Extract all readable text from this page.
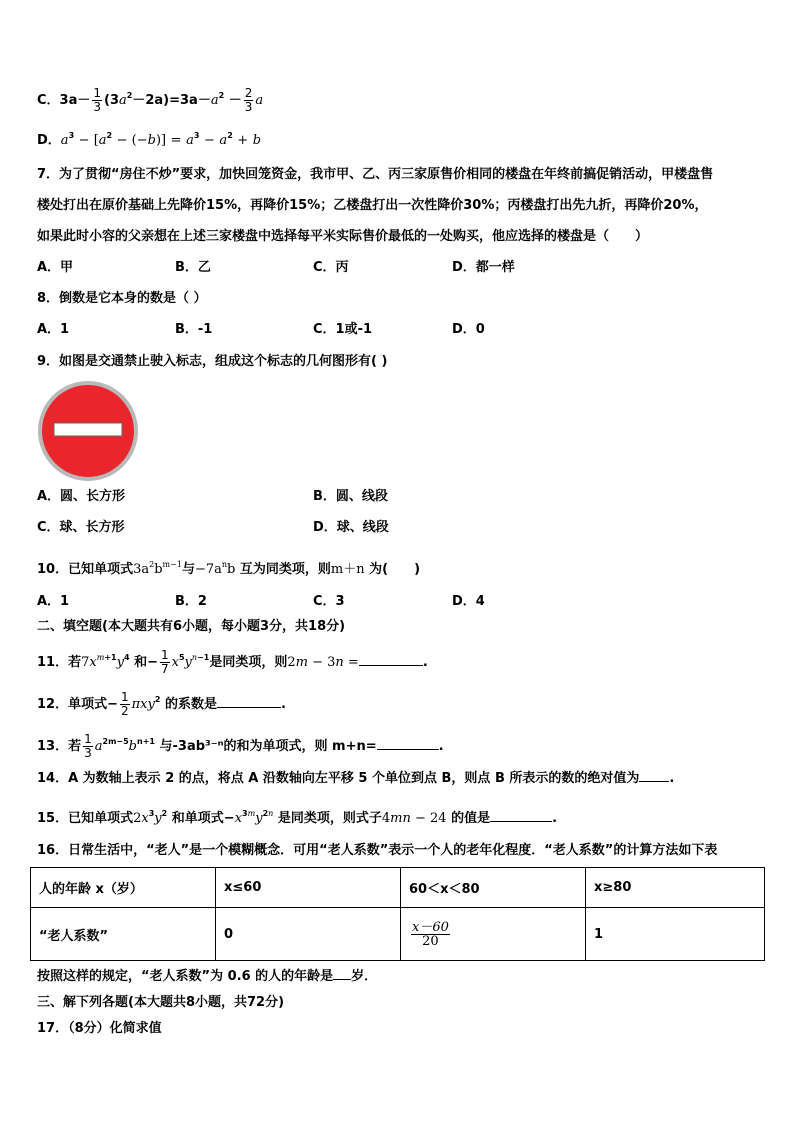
C．$3a- \frac{1}{3} (3a^2-2a)=3a-a^2 - \frac{2}{3}$ a
D．$a^3 - [a^2 - (-b)] = a^3 - a^2 + b$
7．为了贯彻“房住不炒”要求，加快回笼资金，我市甲、乙、丙三家原售价相同的楼盘在年终前搞促销活动，甲楼盘售
楼处打出在原价基础上先降价15%，再降价15%；乙楼盘打出一次性降价30%；丙楼盘打出先九折，再降价20%，
如果此时小容的父亲想在上述三家楼盘中选择每平米实际售价最低的一处购买，他应选择的楼盘是（　　）
A．甲	B．乙	C．丙	D．都一样
8．倒数是它本身的数是（ ）
A．1	B．-1	C．1或-1	D．0
9．如图是交通禁止驶入标志，组成这个标志的几何图形有( )
A．圆、长方形	B．圆、线段
C．球、长方形	D．球、线段
10．已知单项式$3a^2b^{m-1}$与$-7a^nb$ 互为同类项，则m＋n 为(　　)
A．1	B．2	C．3	D．4
二、填空题(本大题共有6小题，每小题3分，共18分)
11．若$7x^{m+1}y^4$ 和− $\frac{1}{7} x^5y^{n-1}$是同类项，则2m − 3n =	.
12．单项式− $\frac{1}{2} \pi xy^2$ 的系数是	.
13．若 $\frac{1}{3} a^{2m-5}b^{n+1}$ 与-3ab³⁻ⁿ的和为单项式，则 m+n=	.
14．A 为数轴上表示 2 的点，将点 A 沿数轴向左平移 5 个单位到点 B，则点 B 所表示的数的绝对值为 .
15．已知单项式$2x^3y^2$ 和单项式$-x^{3m}y^{2n}$ 是同类项，则式子4mn − 24 的值是	.
16．日常生活中，“老人”是一个模糊概念．可用“老人系数”表示一个人的老年化程度．“老人系数”的计算方法如下表
人的年龄 x（岁）	x≤60	60＜x＜80	x≥80
“老人系数”	0	$\frac{x-60}{20}$	1
按照这样的规定，“老人系数”为 0.6 的人的年龄是 岁．
三、解下列各题(本大题共8小题，共72分)
17．（8分）化简求值
